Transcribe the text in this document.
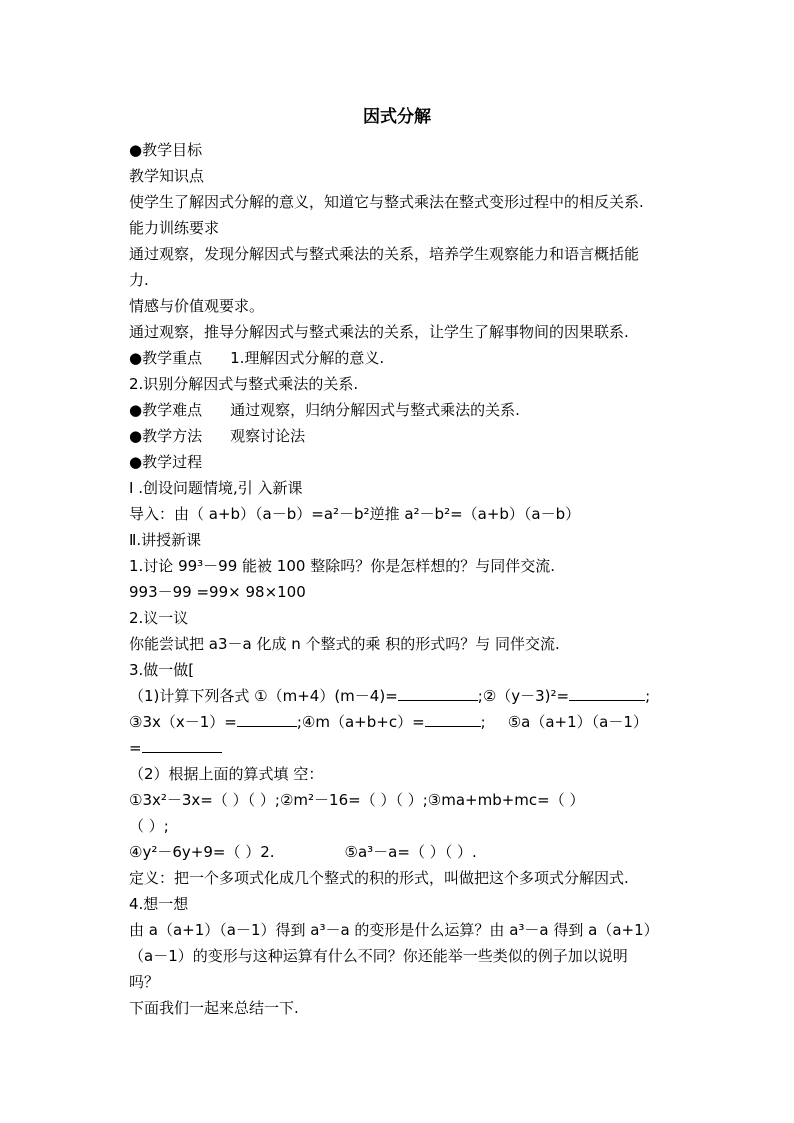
因式分解
●教学目标
教学知识点
使学生了解因式分解的意义，知道它与整式乘法在整式变形过程中的相反关系.
能力训练要求
通过观察，发现分解因式与整式乘法的关系，培养学生观察能力和语言概括能
力.
情感与价值观要求。
通过观察，推导分解因式与整式乘法的关系，让学生了解事物间的因果联系.
●教学重点 1.理解因式分解的意义.
2.识别分解因式与整式乘法的关系.
●教学难点 通过观察，归纳分解因式与整式乘法的关系.
●教学方法 观察讨论法
●教学过程
Ⅰ .创设问题情境,引 入新课
导入：由（ a+b）（a－b）=a²－b²逆推 a²－b²=（a+b）（a－b）
Ⅱ.讲授新课
1.讨论 99³－99 能被 100 整除吗？你是怎样想的？与同伴交流.
993－99 =99× 98×100
2.议一议
你能尝试把 a3－a 化成 n 个整式的乘 积的形式吗？与 同伴交流.
3.做一做[
（1)计算下列各式 ①（m+4）(m－4)=	;②（y－3)²=	;
③3x（x－1）=	;④m（a+b+c）=	; ⑤a（a+1）（a－1）
=
（2）根据上面的算式填 空：
①3x²－3x=（ ）（ ）;②m²－16=（ ）（ ）;③ma+mb+mc=（ ）
（ ）;
④y²－6y+9=（ ）2.	⑤a³－a=（ ）（ ）.
定义：把一个多项式化成几个整式的积的形式，叫做把这个多项式分解因式.
4.想一想
由 a（a+1）（a－1）得到 a³－a 的变形是什么运算？由 a³－a 得到 a（a+1）
（a－1）的变形与这种运算有什么不同？你还能举一些类似的例子加以说明
吗？
下面我们一起来总结一下.
